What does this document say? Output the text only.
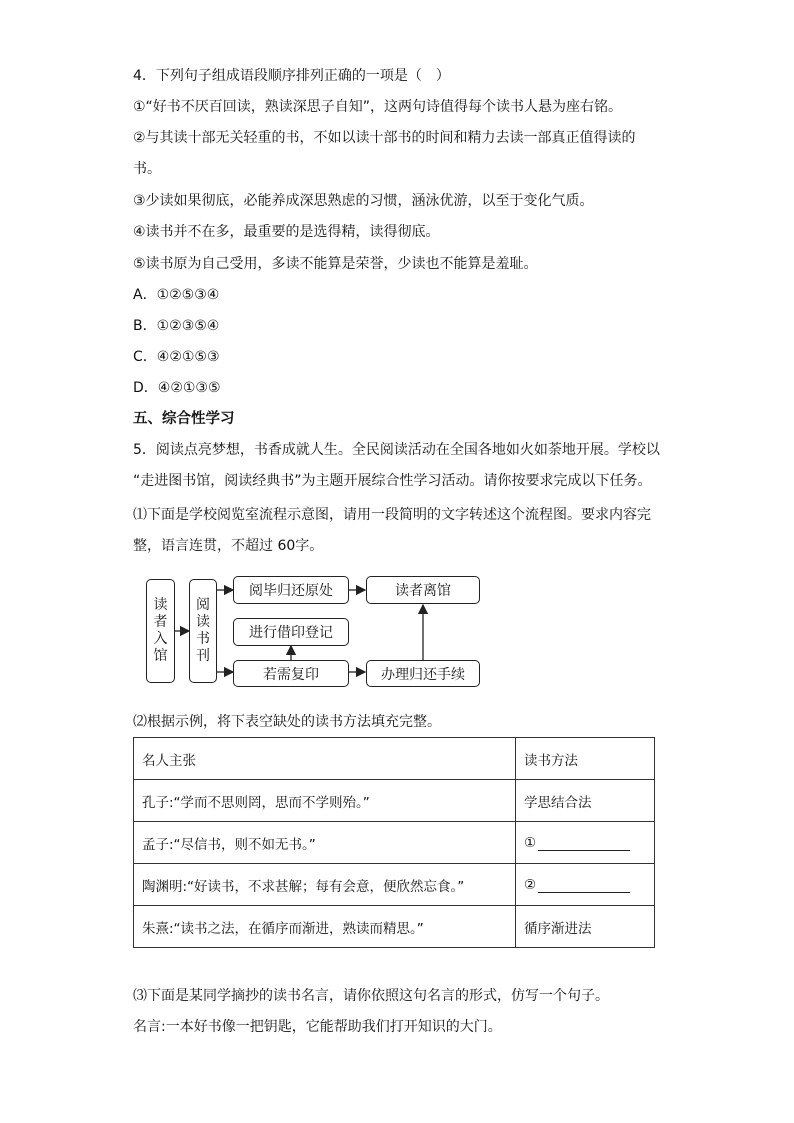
4．下列句子组成语段顺序排列正确的一项是（　）
①“好书不厌百回读，熟读深思子自知”，这两句诗值得每个读书人悬为座右铭。
②与其读十部无关轻重的书，不如以读十部书的时间和精力去读一部真正值得读的
书。
③少读如果彻底，必能养成深思熟虑的习惯，涵泳优游，以至于变化气质。
④读书并不在多，最重要的是选得精，读得彻底。
⑤读书原为自己受用，多读不能算是荣誉，少读也不能算是羞耻。
A．①②⑤③④
B．①②③⑤④
C．④②①⑤③
D．④②①③⑤
五、综合性学习
5．阅读点亮梦想，书香成就人生。全民阅读活动在全国各地如火如荼地开展。学校以
“走进图书馆，阅读经典书”为主题开展综合性学习活动。请你按要求完成以下任务。
⑴下面是学校阅览室流程示意图，请用一段简明的文字转述这个流程图。要求内容完
整，语言连贯，不超过 60字。
读
者
入
馆
阅
读
书
刊
阅毕归还原处	读者离馆
进行借印登记
若需复印	办理归还手续
⑵根据示例，将下表空缺处的读书方法填充完整。
名人主张	读书方法
孔子:“学而不思则罔，思而不学则殆。”	学思结合法
孟子:“尽信书，则不如无书。”	①
陶渊明:“好读书，不求甚解；每有会意，便欣然忘食。”	②
朱熹:“读书之法，在循序而渐进，熟读而精思。”	循序渐进法
⑶下面是某同学摘抄的读书名言，请你依照这句名言的形式，仿写一个句子。
名言:一本好书像一把钥匙，它能帮助我们打开知识的大门。
